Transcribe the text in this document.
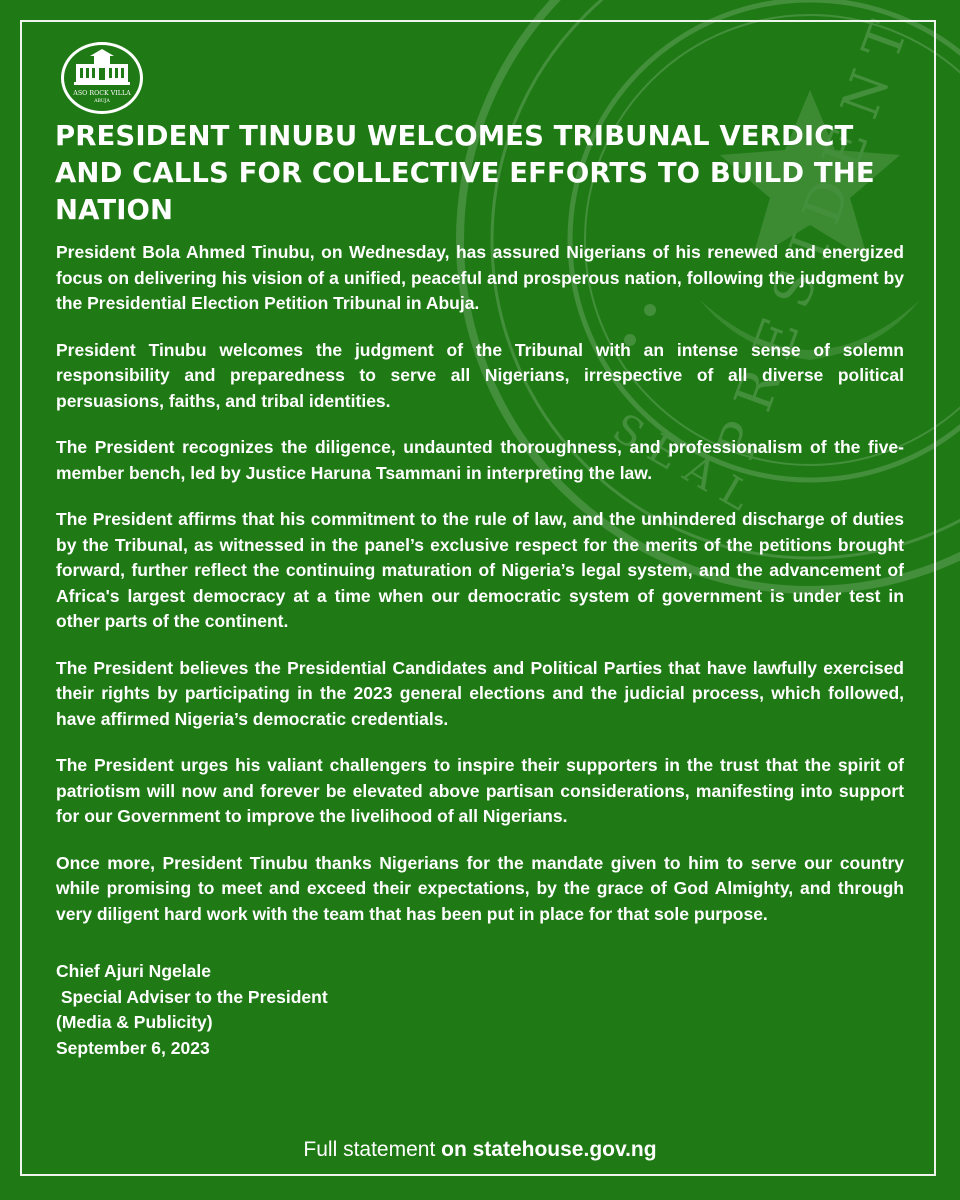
P R E S I D E N T
S E A L
ASO ROCK VILLA
ABUJA
PRESIDENT TINUBU WELCOMES TRIBUNAL VERDICT AND CALLS FOR COLLECTIVE EFFORTS TO BUILD THE NATION

President Bola Ahmed Tinubu, on Wednesday, has assured Nigerians of his renewed and energized focus on delivering his vision of a unified, peaceful and prosperous nation, following the judgment by the Presidential Election Petition Tribunal in Abuja.

President Tinubu welcomes the judgment of the Tribunal with an intense sense of solemn responsibility and preparedness to serve all Nigerians, irrespective of all diverse political persuasions, faiths, and tribal identities.

The President recognizes the diligence, undaunted thoroughness, and professionalism of the five-member bench, led by Justice Haruna Tsammani in interpreting the law.

The President affirms that his commitment to the rule of law, and the unhindered discharge of duties by the Tribunal, as witnessed in the panel’s exclusive respect for the merits of the petitions brought forward, further reflect the continuing maturation of Nigeria’s legal system, and the advancement of Africa's largest democracy at a time when our democratic system of government is under test in other parts of the continent.

The President believes the Presidential Candidates and Political Parties that have lawfully exercised their rights by participating in the 2023 general elections and the judicial process, which followed, have affirmed Nigeria’s democratic credentials.

The President urges his valiant challengers to inspire their supporters in the trust that the spirit of patriotism will now and forever be elevated above partisan considerations, manifesting into support for our Government to improve the livelihood of all Nigerians.

Once more, President Tinubu thanks Nigerians for the mandate given to him to serve our country while promising to meet and exceed their expectations, by the grace of God Almighty, and through very diligent hard work with the team that has been put in place for that sole purpose.

Chief Ajuri Ngelale
Special Adviser to the President
(Media & Publicity)
September 6, 2023
Full statement on statehouse.gov.ng
